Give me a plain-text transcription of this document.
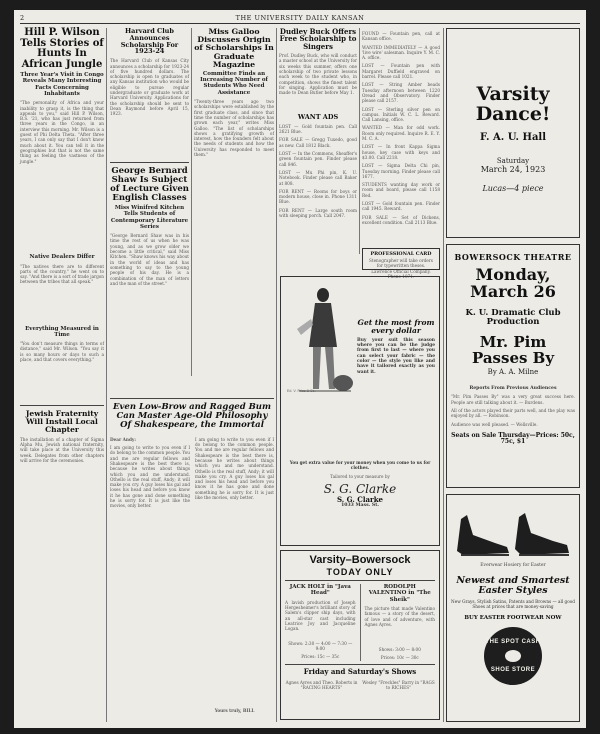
2	THE UNIVERSITY DAILY KANSAN
Hill P. Wilson Tells Stories of Hunts In African Jungle
Three Year's Visit in Congo Reveals Many Interesting Facts Concerning Inhabitants
"The personality of Africa and your inability to grasp it, is the thing that appeals to you," said Hill P. Wilson, B.S. '21, who has just returned from three years in the Congo, in an interview this morning. Mr. Wilson is a guest of Phi Delta Theta. "After three years, I can only say that I don't know much about it. You can tell it in the geographies but that is not the same thing as feeling the vastness of the jungle."
Native Dealers Differ
"The natives there are to different parts of the country," he went on to say. "And there is a sort of trade jargon between the tribes that all speak."
Everything Measured in Time
"You don't measure things in terms of distance," said Mr. Wilson. "You say it is so many hours or days to such a place, and that covers everything."
Jewish Fraternity Will Install Local Chapter
The installation of a chapter of Sigma Alpha Mu, Jewish national fraternity, will take place at the University this week. Delegates from other chapters will arrive for the ceremonies.
Harvard Club Announces Scholarship For 1923-24
The Harvard Club of Kansas City announces a scholarship for 1923-24 of five hundred dollars. The scholarship is open to graduates of any Kansas institution who would be eligible to pursue regular undergraduate or graduate work at Harvard University. Applications for the scholarship should be sent to Dean Raymond before April 15, 1923.
George Bernard Shaw Is Subject of Lecture Given English Classes
Miss Winifred Kitchen Tells Students of Contemporary Literature Series
"George Bernard Shaw was in his time the rest of us when he was young, and as we grow older we become a little critical," said Miss Kitchen. "Shaw knows his way about in the world of ideas and has something to say to the young people of his day. He is a combination of the man of letters and the man of the street."
Miss Galloo Discusses Origin of Scholarships In Graduate Magazine
Committee Finds an Increasing Number of Students Who Need Assistance
"Twenty-three years ago two scholarships were established by the first graduate class, and since that time the number of scholarships has grown each year," writes Miss Galloo. "The list of scholarships shows a gratifying growth of interest, how the founders felt about the needs of students and how the University has responded to meet them."
Even Low-Brow and Ragged Bum Can Master Age-Old Philosophy Of Shakespeare, the Immortal
Dear Andy:
I am going to write to you even if I do belong to the common people. You and me are regular fellows and Shakespeare is the best there is, because he writes about things which you and me understand. Othello is the real stuff, Andy; it will make you cry. A guy loses his gal and loses his head and before you know it he has gone and done something he is sorry for. It is just like the movies, only better.
I am going to write to you even if I do belong to the common people. You and me are regular fellows and Shakespeare is the best there is, because he writes about things which you and me understand. Othello is the real stuff, Andy; it will make you cry. A guy loses his gal and loses his head and before you know it he has gone and done something he is sorry for. It is just like the movies, only better.
Yours truly, BILL
Dudley Buck Offers Free Scholarship to Singers
Prof. Dudley Buck, who will conduct a master school at the University for six weeks this summer, offers one scholarship of two private lessons each week to the student who, in competition, shows the finest talent for singing. Application must be made to Dean Butler before May 1.
WANT ADS
LOST — Gold fountain pen. Call 2621 Blue.
FOR SALE — Gregg Tuxedo, good as new. Call 1812 Black.
LOST — In the Commons, Sheaffer's green fountain pen. Finder please call 846.
LOST — Mu Phi pin, K. U. Notebook. Finder please call Baker at 808.
FOR RENT — Rooms for boys or modern house, close in. Phone 1311 Blue.
FOR RENT — Large south room with sleeping porch. Call 2047.
FOUND — Fountain pen, call at Kansan office.
WANTED IMMEDIATELY — A good 'live wire' salesman. Inquire Y. M. C. A. office.
LOST — Fountain pen with Margaret Duffield engraved on barrel. Please call 1021.
LOST — String Amber beads Tuesday afternoon between 1220 Oread and Observatory. Finder please call 2157.
LOST — Sterling silver pen on campus. Initials W. C. L. Reward. Call Lansing, office.
WANTED — Man for odd work. Room only required. Inquire R. E. Y. M. C. A.
LOST — In front Kappa Sigma house, key case with keys and $3.00. Call 2218.
LOST — Sigma Delta Chi pin, Tuesday morning. Finder please call 1677.
STUDENTS wanting day work or room and board, please call 1158 Red.
LOST — Gold fountain pen. Finder call 1945. Reward.
FOR SALE — Set of Dickens, excellent condition. Call 2113 Blue.
PROFESSIONAL CARD
Stenographer will take orders for typewritten theses. Lawrence Official Company. Phone 1071.
Ed. V. Price & Co.
Get the most from every dollar
Buy your suit this season where you can be the judge from first to last — where you can select your fabric — the color — the style you like and have it tailored exactly as you want it.
You get extra value for your money when you come to us for clothes.
Tailored to your measure by
S. G. Clarke
S. G. Clarke
1033 Mass. St.
Varsity–Bowersock
TODAY ONLY
JACK HOLT in "Java Head"
A lavish production of Joseph Hergesheimer's brilliant story of Salem's clipper ship days, with an all-star cast including Leatrice Joy and Jacqueline Logan.
Shows: 2:30 — 4:00 — 7:30 — 9:00
Prices: 15c — 35c
RODOLPH VALENTINO in "The Sheik"
The picture that made Valentino famous — a story of the desert, of love and of adventure, with Agnes Ayres.
Shows: 3:00 — 8:00
Prices: 10c — 30c
Friday and Saturday's Shows
Agnes Ayres and Theo. Roberts in "RACING HEARTS"
Wesley "Freckles" Barry in "RAGS to RICHES"
Varsity Dance!
F. A. U. Hall
Saturday
March 24, 1923
Lucas—4 piece
BOWERSOCK THEATRE
Monday, March 26
K. U. Dramatic Club Production
Mr. Pim Passes By
By A. A. Milne
Reports From Previous Audiences
"Mr. Pim Passes By" was a very great success here. People are still talking about it. — Burdens.
All of the actors played their parts well, and the play was enjoyed by all. — Robinson.
Audience was well pleased. — Wellsville.
Seats on Sale Thursday—Prices: 50c, 75c, $1
Everwear Hosiery for Easter
Newest and Smartest
Easter Styles
New Grays, Stylish Satins, Patents and Browns — all good Shoes at prices that are money-saving
BUY EASTER FOOTWEAR NOW
THE SPOT CASH
SHOE STORE
